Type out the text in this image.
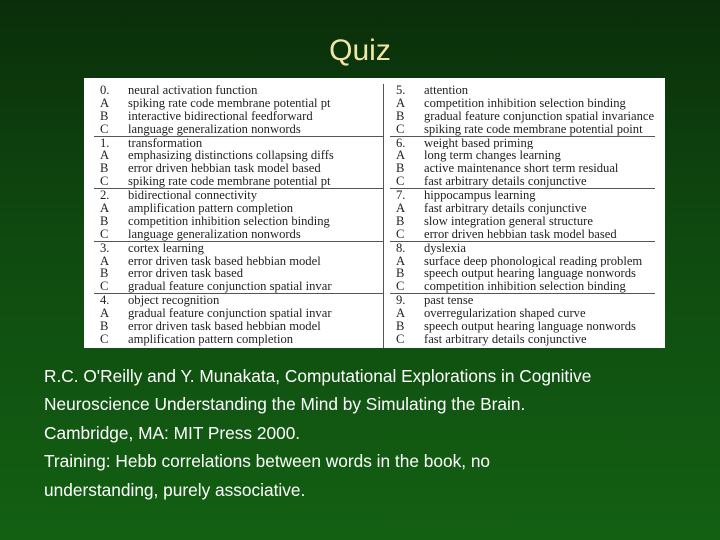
Quiz
0.	neural activation function
A	spiking rate code membrane potential pt
B	interactive bidirectional feedforward
C	language generalization nonwords
1.	transformation
A	emphasizing distinctions collapsing diffs
B	error driven hebbian task model based
C	spiking rate code membrane potential pt
2.	bidirectional connectivity
A	amplification pattern completion
B	competition inhibition selection binding
C	language generalization nonwords
3.	cortex learning
A	error driven task based hebbian model
B	error driven task based
C	gradual feature conjunction spatial invar
4.	object recognition
A	gradual feature conjunction spatial invar
B	error driven task based hebbian model
C	amplification pattern completion
5.	attention
A	competition inhibition selection binding
B	gradual feature conjunction spatial invariance
C	spiking rate code membrane potential point
6.	weight based priming
A	long term changes learning
B	active maintenance short term residual
C	fast arbitrary details conjunctive
7.	hippocampus learning
A	fast arbitrary details conjunctive
B	slow integration general structure
C	error driven hebbian task model based
8.	dyslexia
A	surface deep phonological reading problem
B	speech output hearing language nonwords
C	competition inhibition selection binding
9.	past tense
A	overregularization shaped curve
B	speech output hearing language nonwords
C	fast arbitrary details conjunctive

R.C. O'Reilly and Y. Munakata, Computational Explorations in Cognitive

Neuroscience Understanding the Mind by Simulating the Brain.

Cambridge, MA: MIT Press 2000.

Training: Hebb correlations between words in the book, no

understanding, purely associative.
